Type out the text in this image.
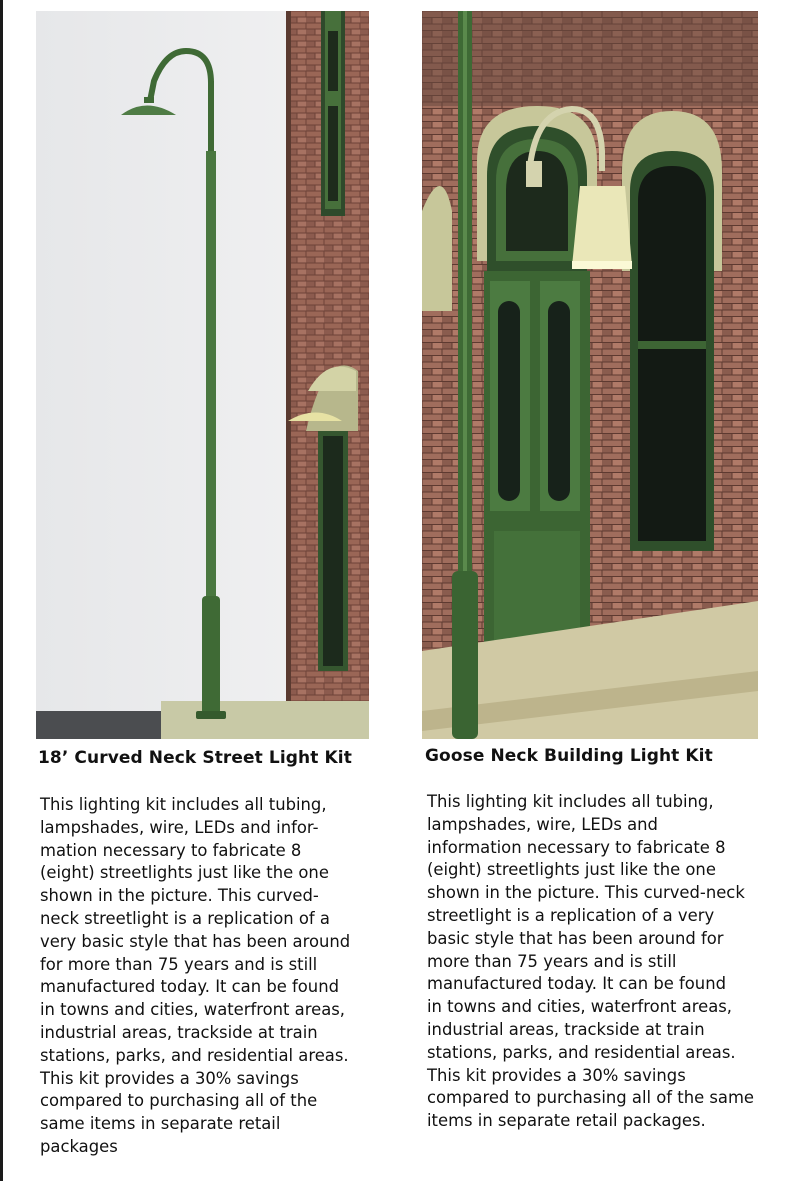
18’ Curved Neck Street Light Kit	Goose Neck Building Light Kit
This lighting kit includes all tubing,
lampshades, wire, LEDs and infor-
mation necessary to fabricate 8
(eight) streetlights just like the one
shown in the picture. This curved-
neck streetlight is a replication of a
very basic style that has been around
for more than 75 years and is still
manufactured today. It can be found
in towns and cities, waterfront areas,
industrial areas, trackside at train
stations, parks, and residential areas.
This kit provides a 30% savings
compared to purchasing all of the
same items in separate retail
packages
This lighting kit includes all tubing,
lampshades, wire, LEDs and
information necessary to fabricate 8
(eight) streetlights just like the one
shown in the picture. This curved-neck
streetlight is a replication of a very
basic style that has been around for
more than 75 years and is still
manufactured today. It can be found
in towns and cities, waterfront areas,
industrial areas, trackside at train
stations, parks, and residential areas.
This kit provides a 30% savings
compared to purchasing all of the same
items in separate retail packages.
